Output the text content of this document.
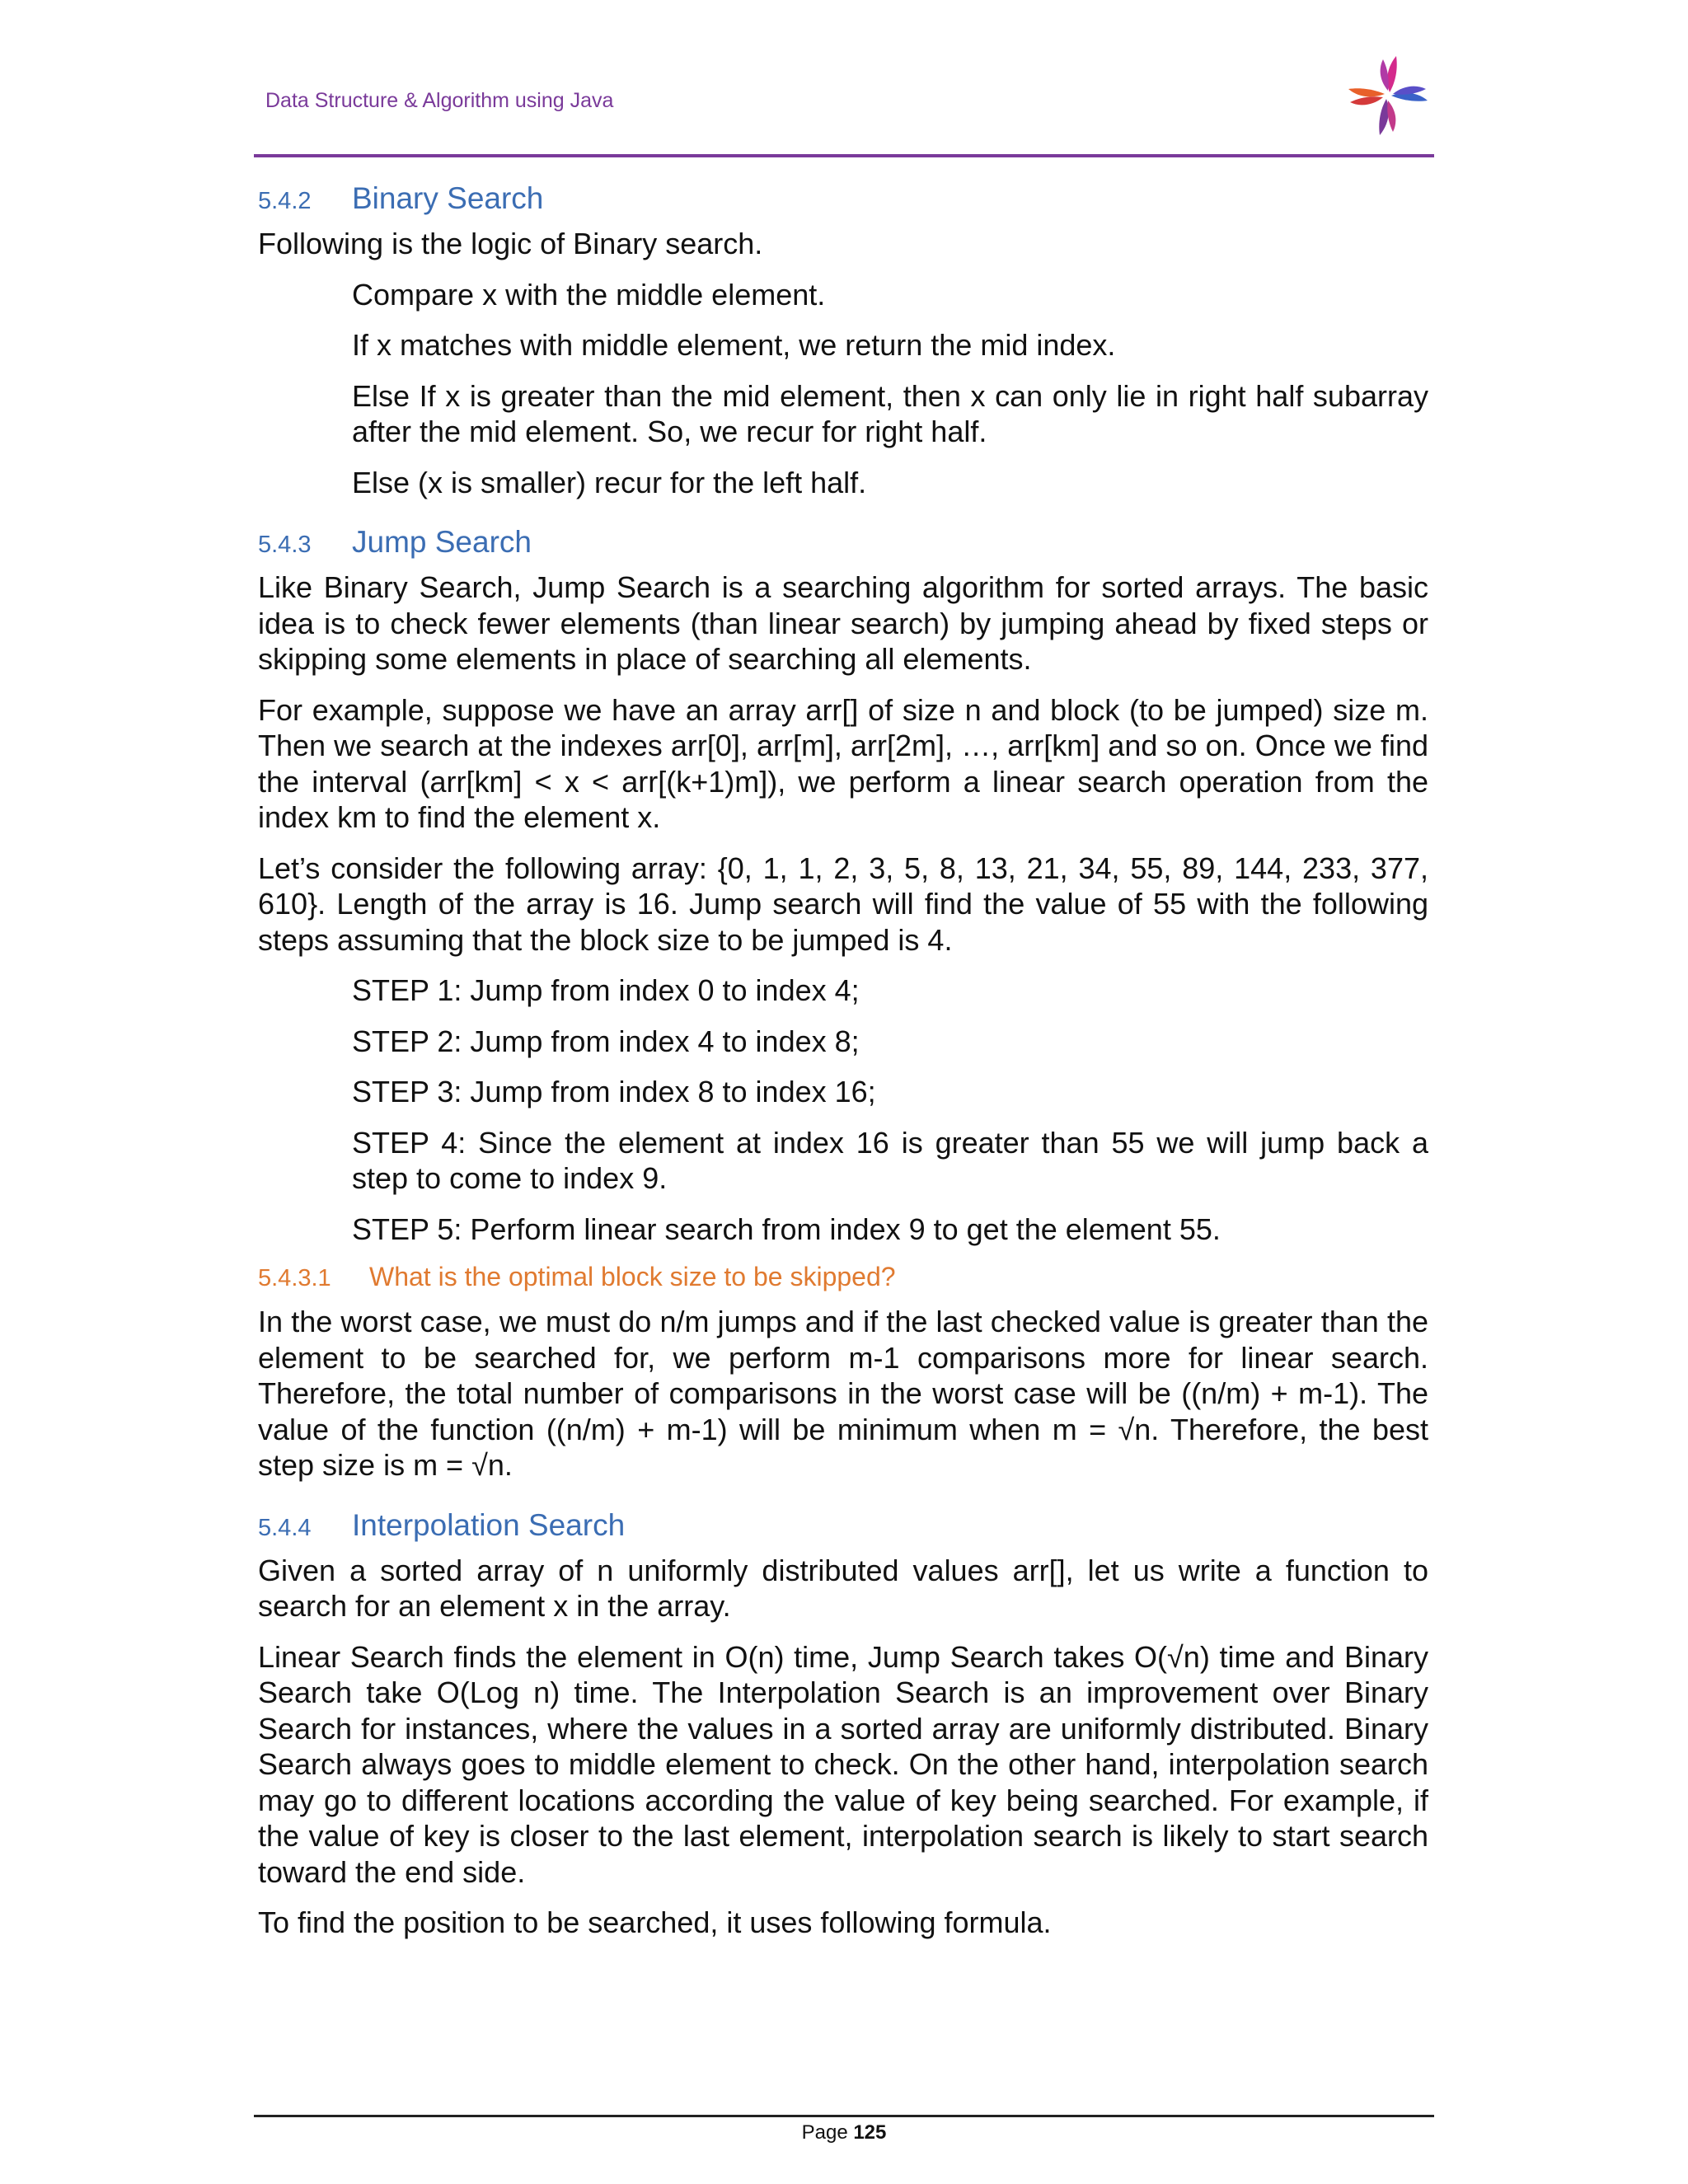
Data Structure & Algorithm using Java
5.4.2	Binary Search

Following is the logic of Binary search.

Compare x with the middle element.

If x matches with middle element, we return the mid index.

Else If x is greater than the mid element, then x can only lie in right half subarray after the mid element. So, we recur for right half.

Else (x is smaller) recur for the left half.

5.4.3	Jump Search

Like Binary Search, Jump Search is a searching algorithm for sorted arrays. The basic idea is to check fewer elements (than linear search) by jumping ahead by fixed steps or skipping some elements in place of searching all elements.

For example, suppose we have an array arr[] of size n and block (to be jumped) size m. Then we search at the indexes arr[0], arr[m], arr[2m], …, arr[km] and so on. Once we find the interval (arr[km] < x < arr[(k+1)m]), we perform a linear search operation from the index km to find the element x.

Let’s consider the following array: {0, 1, 1, 2, 3, 5, 8, 13, 21, 34, 55, 89, 144, 233, 377, 610}. Length of the array is 16. Jump search will find the value of 55 with the following steps assuming that the block size to be jumped is 4.

STEP 1: Jump from index 0 to index 4;

STEP 2: Jump from index 4 to index 8;

STEP 3: Jump from index 8 to index 16;

STEP 4: Since the element at index 16 is greater than 55 we will jump back a step to come to index 9.

STEP 5: Perform linear search from index 9 to get the element 55.

5.4.3.1	What is the optimal block size to be skipped?

In the worst case, we must do n/m jumps and if the last checked value is greater than the element to be searched for, we perform m-1 comparisons more for linear search. Therefore, the total number of comparisons in the worst case will be ((n/m) + m-1). The value of the function ((n/m) + m-1) will be minimum when m = √n. Therefore, the best step size is m = √n.

5.4.4	Interpolation Search

Given a sorted array of n uniformly distributed values arr[], let us write a function to search for an element x in the array.

Linear Search finds the element in O(n) time, Jump Search takes O(√n) time and Binary Search take O(Log n) time. The Interpolation Search is an improvement over Binary Search for instances, where the values in a sorted array are uniformly distributed. Binary Search always goes to middle element to check. On the other hand, interpolation search may go to different locations according the value of key being searched. For example, if the value of key is closer to the last element, interpolation search is likely to start search toward the end side.

To find the position to be searched, it uses following formula.

Page 125
